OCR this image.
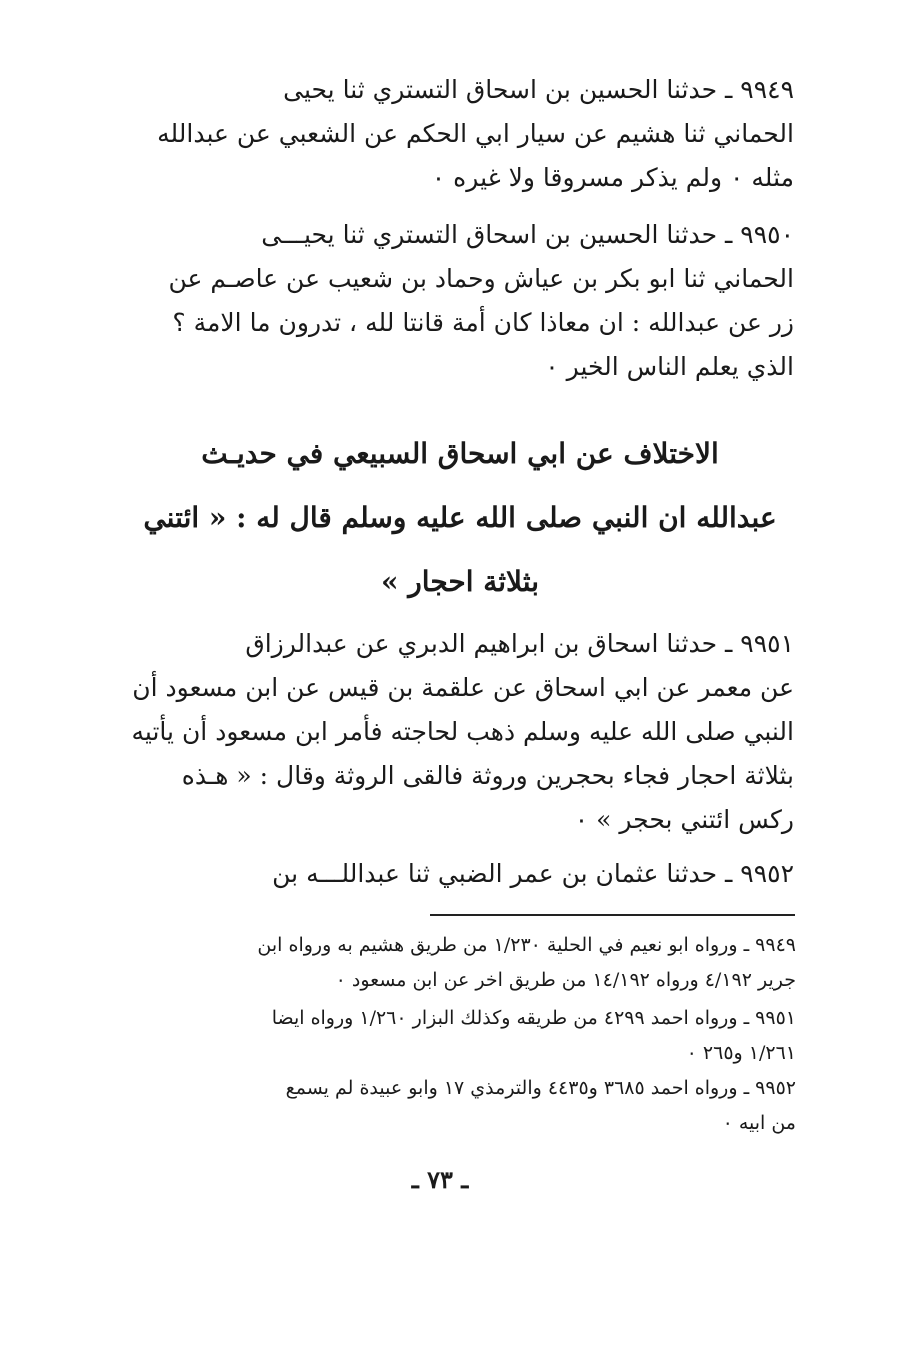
٩٩٤٩ ـ حدثنا الحسين بن اسحاق التستري ثنا يحيى
الحماني ثنا هشيم عن سيار ابي الحكم عن الشعبي عن عبدالله
مثله ٠ ولم يذكر مسروقا ولا غيره ٠
٩٩٥٠ ـ حدثنا الحسين بن اسحاق التستري ثنا يحيـــى
الحماني ثنا ابو بكر بن عياش وحماد بن شعيب عن عاصـم عن
زر عن عبدالله : ان معاذا كان أمة قانتا لله ، تدرون ما الامة ؟
الذي يعلم الناس الخير ٠
الاختلاف عن ابي اسحاق السبيعي في حديـث
عبدالله ان النبي صلى الله عليه وسلم قال له : « ائتني
بثلاثة احجار »
٩٩٥١ ـ حدثنا اسحاق بن ابراهيم الدبري عن عبدالرزاق
عن معمر عن ابي اسحاق عن علقمة بن قيس عن ابن مسعود أن
النبي صلى الله عليه وسلم ذهب لحاجته فأمر ابن مسعود أن يأتيه
بثلاثة احجار فجاء بحجرين وروثة فالقى الروثة وقال : « هـذه
ركس ائتني بحجر » ٠
٩٩٥٢ ـ حدثنا عثمان بن عمر الضبي ثنا عبداللـــه بن
٩٩٤٩ ـ ورواه ابو نعيم في الحلية ١/٢٣٠ من طريق هشيم به ورواه ابن
جرير ٤/١٩٢ ورواه ١٤/١٩٢ من طريق اخر عن ابن مسعود ٠
٩٩٥١ ـ ورواه احمد ٤٢٩٩ من طريقه وكذلك البزار ١/٢٦٠ ورواه ايضا
١/٢٦١ و٢٦٥ ٠
٩٩٥٢ ـ ورواه احمد ٣٦٨٥ و٤٤٣٥ والترمذي ١٧ وابو عبيدة لم يسمع
من ابيه ٠
ـ ٧٣ ـ
